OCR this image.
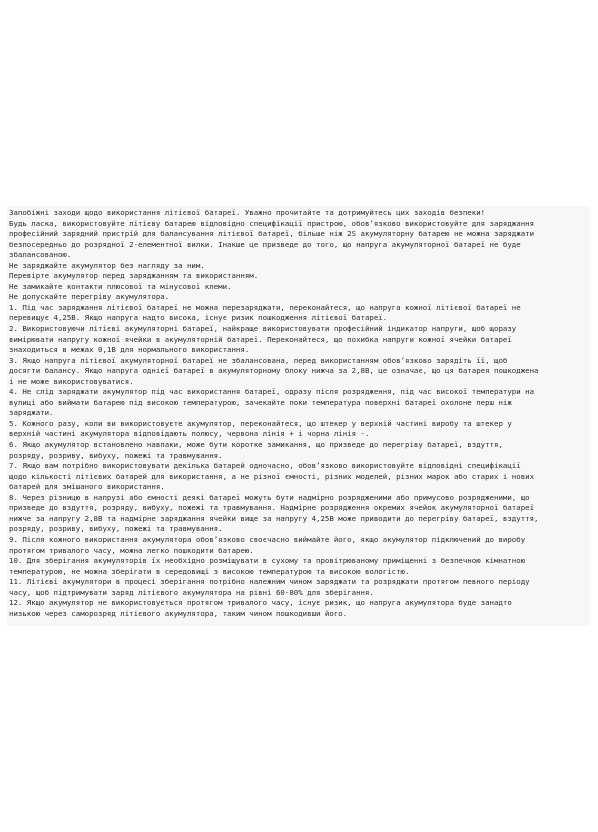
Запобіжні заходи щодо використання літієвої батареї. Уважно прочитайте та дотримуйтесь цих заходів безпеки!
Будь ласка, використовуйте літієву батарею відповідно специфікації пристрою, обов’язково використовуйте для заряджання
професійний зарядний пристрій для балансування літієвої батареї, більше ніж 2S акумуляторну батарею не можна заряджати
безпосередньо до розрядної 2-елементної вилки. Інакше це призведе до того, що напруга акумуляторної батареї не буде
збалансованою.
Не заряджайте акумулятор без нагляду за ним.
Перевірте акумулятор перед заряджанням та використанням.
Не замикайте контакти плюсової та мінусової клеми.
Не допускайте перегріву акумулятора.
1. Під час заряджання літієвої батареї не можна перезаряджати, переконайтеся, що напруга кожної літієвої батареї не
перевищує 4,25В. Якщо напруга надто висока, існує ризик пошкодження літієвої батареї.
2. Використовуючи літієві акумуляторні батареї, найкраще використовувати професійний індикатор напруги, щоб щоразу
вимірювати напругу кожної ячейки в акумуляторній батареї. Переконайтеся, що похибка напруги кожної ячейки батареї
знаходиться в межах 0,1В для нормального використання.
3. Якщо напруга літієвої акумуляторної батареї не збалансована, перед використанням обов’язково зарядіть її, щоб
досягти балансу. Якщо напруга однієї батареї в акумуляторному блоку нижча за 2,8В, це означає, що ця батарея пошкоджена
і не може використовуватися.
4. Не слід заряджати акумулятор під час використання батареї, одразу після розрядження, під час високої температури на
вулиці або виймати батарею під високою температурою, зачекайте поки температура поверхні батареї охолоне перш ніж
заряджати.
5. Кожного разу, коли ви використовуєте акумулятор, переконайтеся, що штекер у верхній частині виробу та штекер у
верхній частині акумулятора відповідають полюсу, червона лінія + і чорна лінія -.
6. Якщо акумулятор встановлено навпаки, може бути коротке замикання, що призведе до перегріву батареї, вздуття,
розряду, розриву, вибуху, пожежі та травмування.
7. Якщо вам потрібно використовувати декілька батарей одночасно, обов’язково використовуйте відповідні специфікації
щодо кількості літієвих батарей для використання, а не різної ємності, різних моделей, різних марок або старих і нових
батарей для змішаного використання.
8. Через різницю в напрузі або ємності деякі батареї можуть бути надмірно розрядженими або примусово розрядженими, що
призведе до вздуття, розряду, вибуху, пожежі та травмування. Надмірне розрядження окремих ячейок акумуляторної батареї
нижче за напругу 2,8В та надмірне заряджання ячейки вище за напругу 4,25В може приводити до перегріву батареї, вздуття,
розряду, розриву, вибуху, пожежі та травмування.
9. Після кожного використання акумулятора обов’язково своєчасно виймайте його, якщо акумулятор підключений до виробу
протягом тривалого часу, можна легко пошкодити батарею.
10. Для зберігання акумуляторів їх необхідно розміщувати в сухому та провітрюваному приміщенні з безпечною кімнатною
температурою, не можна зберігати в середовищі з високою температурою та високою вологістю.
11. Літієві акумулятори в процесі зберігання потрібно належним чином заряджати та розряджати протягом певного періоду
часу, щоб підтримувати заряд літієвого акумулятора на рівні 60-80% для зберігання.
12. Якщо акумулятор не використовується протягом тривалого часу, існує ризик, що напруга акумулятора буде занадто
низькою через саморозряд літієвого акумулятора, таким чином пошкодивши його.
